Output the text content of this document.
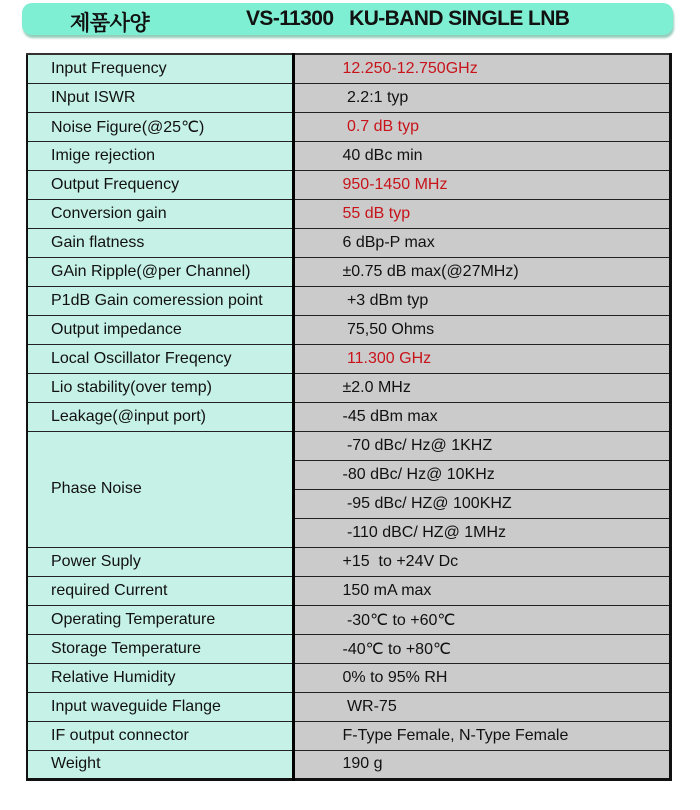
제품사양	VS-11300   KU-BAND SINGLE LNB
Input Frequency	12.250-12.750GHz
INput ISWR	2.2:1 typ
Noise Figure(@25℃)	0.7 dB typ
Imige rejection	40 dBc min
Output Frequency	950-1450 MHz
Conversion gain	55 dB typ
Gain flatness	6 dBp-P max
GAin Ripple(@per Channel)	±0.75 dB max(@27MHz)
P1dB Gain comeression point	+3 dBm typ
Output impedance	75,50 Ohms
Local Oscillator Freqency	11.300 GHz
Lio stability(over temp)	±2.0 MHz
Leakage(@input port)	-45 dBm max
Phase Noise	-70 dBc/ Hz@ 1KHZ
	-80 dBc/ Hz@ 10KHz
	-95 dBc/ HZ@ 100KHZ
	-110 dBC/ HZ@ 1MHz
Power Suply	+15  to +24V Dc
required Current	150 mA max
Operating Temperature	-30℃ to +60℃
Storage Temperature	-40℃ to +80℃
Relative Humidity	0% to 95% RH
Input waveguide Flange	WR-75
IF output connector	F-Type Female, N-Type Female
Weight	190 g
